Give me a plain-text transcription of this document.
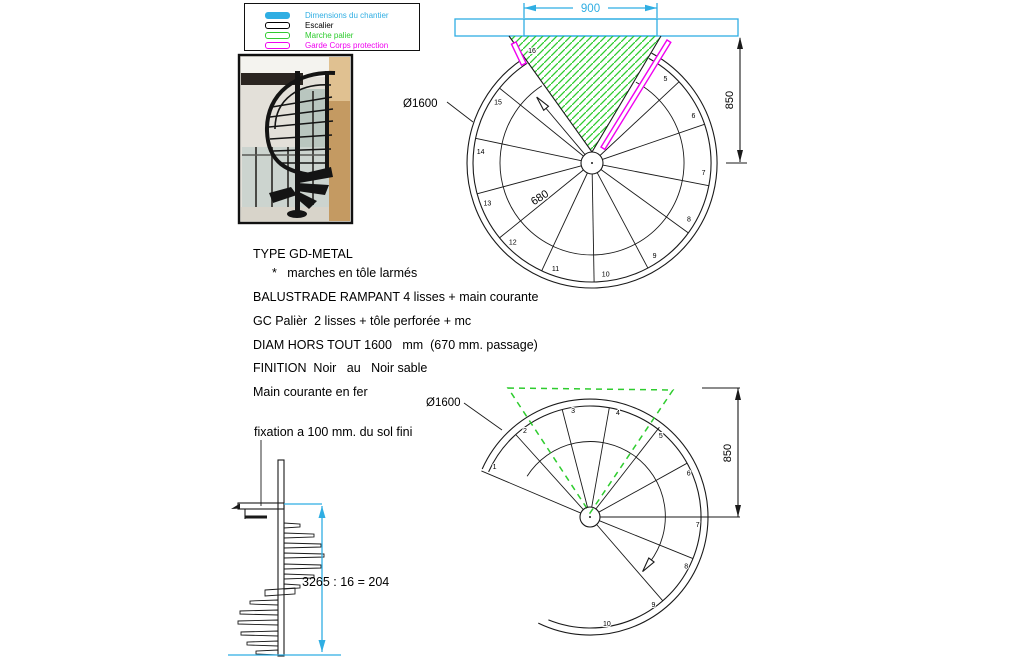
Dimensions du chantier
Escalier
Marche palier
Garde Corps protection
900
850
Ø1600
680
5
6
7
8
9
10
11
12
13
14
15
16
TYPE GD-METAL
*   marches en tôle larmés
BALUSTRADE RAMPANT 4 lisses + main courante
GC Palièr  2 lisses + tôle perforée + mc
DIAM HORS TOUT 1600   mm  (670 mm. passage)
FINITION  Noir   au   Noir sable
Main courante en fer
fixation a 100 mm. du sol fini
3265 : 16 = 204
850
Ø1600
1
2
3	4
5
6
7
8
9
10
